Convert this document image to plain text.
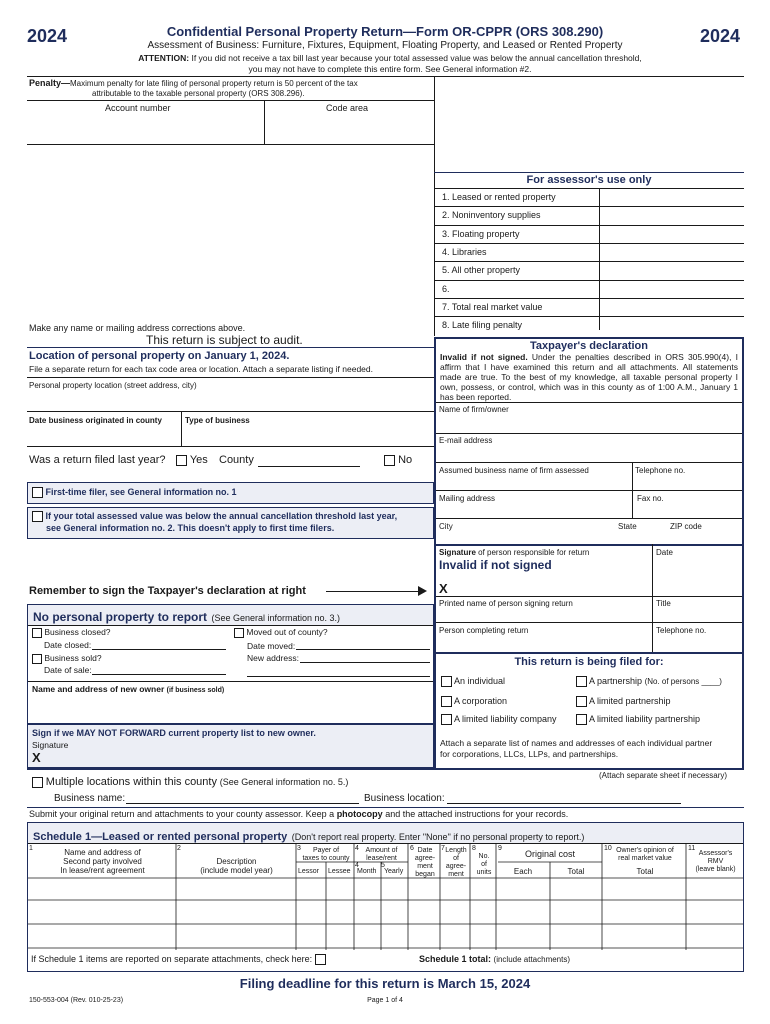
2024	2024
Confidential Personal Property Return—Form OR-CPPR (ORS 308.290)
Assessment of Business: Furniture, Fixtures, Equipment, Floating Property, and Leased or Rented Property
ATTENTION: If you did not receive a tax bill last year because your total assessed value was below the annual cancellation threshold,
you may not have to complete this entire form. See General information #2.
Penalty—Maximum penalty for late filing of personal property return is 50 percent of the tax
attributable to the taxable personal property (ORS 308.296).
Account number	Code area
For assessor's use only
1. Leased or rented property
2. Noninventory supplies
3. Floating property
4. Libraries
5. All other property
6.
7. Total real market value
8. Late filing penalty
Make any name or mailing address corrections above.
This return is subject to audit.
Location of personal property on January 1, 2024.
File a separate return for each tax code area or location. Attach a separate listing if needed.
Personal property location (street address, city)
Date business originated in county	Type of business
Was a return filed last year?	Yes County	No
First-time filer, see General information no. 1
If your total assessed value was below the annual cancellation threshold last year,
see General information no. 2. This doesn't apply to first time filers.
Remember to sign the Taxpayer's declaration at right
No personal property to report (See General information no. 3.)
Business closed?
Date closed:
Business sold?
Date of sale:
Moved out of county?
Date moved:
New address:
Name and address of new owner (if business sold)
Sign if we MAY NOT FORWARD current property list to new owner.
Signature
X
Taxpayer's declaration
Invalid if not signed. Under the penalties described in ORS 305.990(4), I affirm that I have examined this return and all attachments. All statements made are true. To the best of my knowledge, all taxable personal property I own, possess, or control, which was in this county as of 1:00 A.M., January 1 has been reported.
Name of firm/owner
E-mail address
Assumed business name of firm assessed	Telephone no.
Mailing address	Fax no.
City	State	ZIP code
Signature of person responsible for return	Date
Invalid if not signed
X
Printed name of person signing return	Title
Person completing return	Telephone no.
This return is being filed for:
An individual	A partnership (No. of persons ____)
A corporation	A limited partnership
A limited liability company	A limited liability partnership
Attach a separate list of names and addresses of each individual partner
for corporations, LLCs, LLPs, and partnerships.
(Attach separate sheet if necessary)
Multiple locations within this county (See General information no. 5.)
Business name:	Business location:
Submit your original return and attachments to your county assessor. Keep a photocopy and the attached instructions for your records.
Schedule 1—Leased or rented personal property (Don't report real property. Enter "None" if no personal property to report.)
1	Name and address of
Second party involved
In lease/rent agreement
2
Description
(include model year)
3	Payer of
taxes to county
Lessor Lessee
4 Amount of
lease/rent
4	5
Month Yearly
6 Date
agree-
ment
began
7 Length
of
agree-
ment
8
No.
of
units
9
Original cost
Each	Total
10 Owner's opinion of
real market value
Total
11
Assessor's
RMV
(leave blank)
If Schedule 1 items are reported on separate attachments, check here:	Schedule 1 total: (include attachments)
Filing deadline for this return is March 15, 2024
150-553-004 (Rev. 010-25-23)	Page 1 of 4
